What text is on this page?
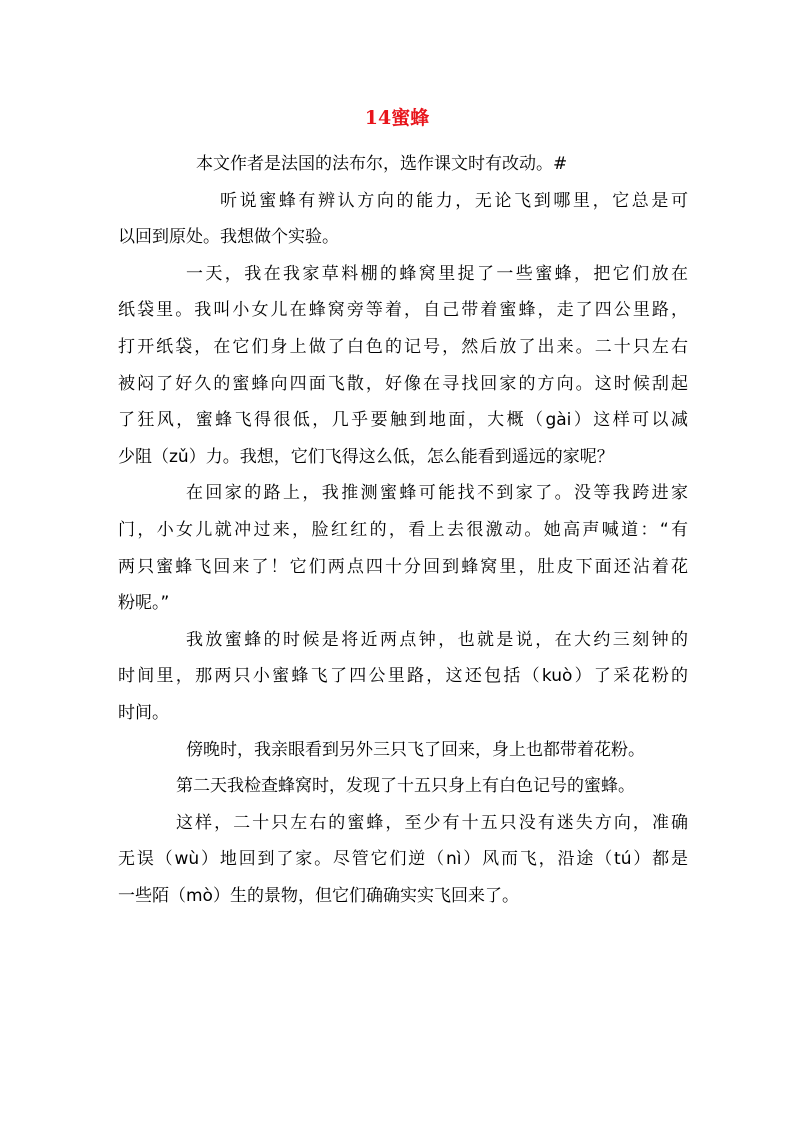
14蜜蜂
本文作者是法国的法布尔，选作课文时有改动。#
听说蜜蜂有辨认方向的能力，无论飞到哪里，它总是可
以回到原处。我想做个实验。
一天，我在我家草料棚的蜂窝里捉了一些蜜蜂，把它们放在
纸袋里。我叫小女儿在蜂窝旁等着，自己带着蜜蜂，走了四公里路，
打开纸袋，在它们身上做了白色的记号，然后放了出来。二十只左右
被闷了好久的蜜蜂向四面飞散，好像在寻找回家的方向。这时候刮起
了狂风，蜜蜂飞得很低，几乎要触到地面，大概（gài）这样可以减
少阻（zǔ）力。我想，它们飞得这么低，怎么能看到遥远的家呢？
在回家的路上，我推测蜜蜂可能找不到家了。没等我跨进家
门，小女儿就冲过来，脸红红的，看上去很激动。她高声喊道：“有
两只蜜蜂飞回来了！它们两点四十分回到蜂窝里，肚皮下面还沾着花
粉呢。”
我放蜜蜂的时候是将近两点钟，也就是说，在大约三刻钟的
时间里，那两只小蜜蜂飞了四公里路，这还包括（kuò）了采花粉的
时间。
傍晚时，我亲眼看到另外三只飞了回来，身上也都带着花粉。
第二天我检查蜂窝时，发现了十五只身上有白色记号的蜜蜂。
这样，二十只左右的蜜蜂，至少有十五只没有迷失方向，准确
无误（wù）地回到了家。尽管它们逆（nì）风而飞，沿途（tú）都是
一些陌（mò）生的景物，但它们确确实实飞回来了。
